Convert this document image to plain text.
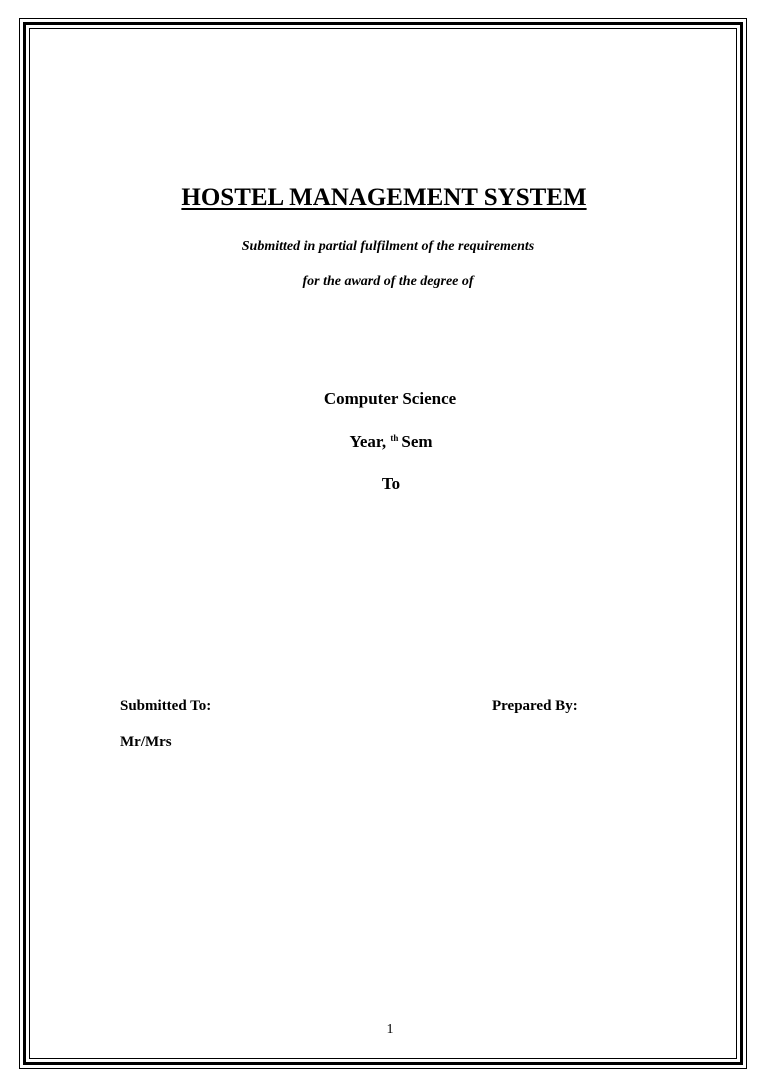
HOSTEL MANAGEMENT SYSTEM
Submitted in partial fulfilment of the requirements
for the award of the degree of
Computer Science
Year, $^{th}$ Sem
To
Submitted To:	Prepared By:
Mr/Mrs
1
